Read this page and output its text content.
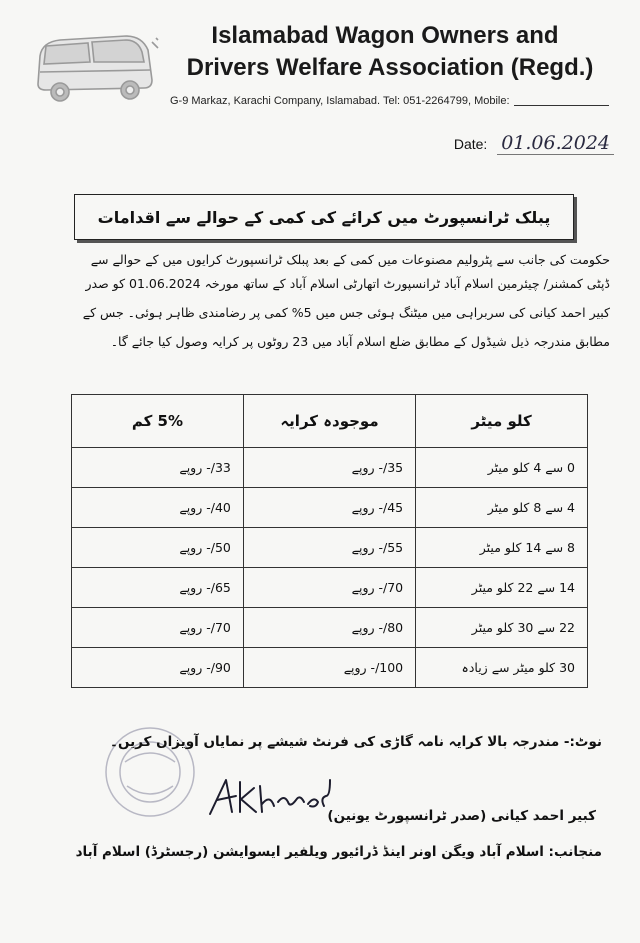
Islamabad Wagon Owners and
Drivers Welfare Association (Regd.)
G-9 Markaz, Karachi Company, Islamabad. Tel: 051-2264799, Mobile:
Date: 01.06.2024
پبلک ٹرانسپورٹ میں کرائے کی کمی کے حوالے سے اقدامات
حکومت کی جانب سے پٹرولیم مصنوعات میں کمی کے بعد پبلک ٹرانسپورٹ کرایوں میں کے حوالے سے
ڈپٹی کمشنر/ چیئرمین اسلام آباد ٹرانسپورٹ اتھارٹی اسلام آباد کے ساتھ مورخہ 01.06.2024 کو صدر
کبیر احمد کیانی کی سربراہی میں میٹنگ ہوئی جس میں 5% کمی پر رضامندی ظاہر ہوئی۔ جس کے
مطابق مندرجہ ذیل شیڈول کے مطابق ضلع اسلام آباد میں 23 روٹوں پر کرایہ وصول کیا جائے گا۔
کلو میٹر	موجودہ کرایہ	5% کم
0 سے 4 کلو میٹر	35/- روپے	33/- روپے
4 سے 8 کلو میٹر	45/- روپے	40/- روپے
8 سے 14 کلو میٹر	55/- روپے	50/- روپے
14 سے 22 کلو میٹر	70/- روپے	65/- روپے
22 سے 30 کلو میٹر	80/- روپے	70/- روپے
30 کلو میٹر سے زیادہ	100/- روپے	90/- روپے
نوٹ:- مندرجہ بالا کرایہ نامہ گاڑی کی فرنٹ شیشے پر نمایاں آویزاں کریں۔
کبیر احمد کیانی (صدر ٹرانسپورٹ یونین)
منجانب: اسلام آباد ویگن اونر اینڈ ڈرائیور ویلفیر ایسوایشن (رجسٹرڈ) اسلام آباد
